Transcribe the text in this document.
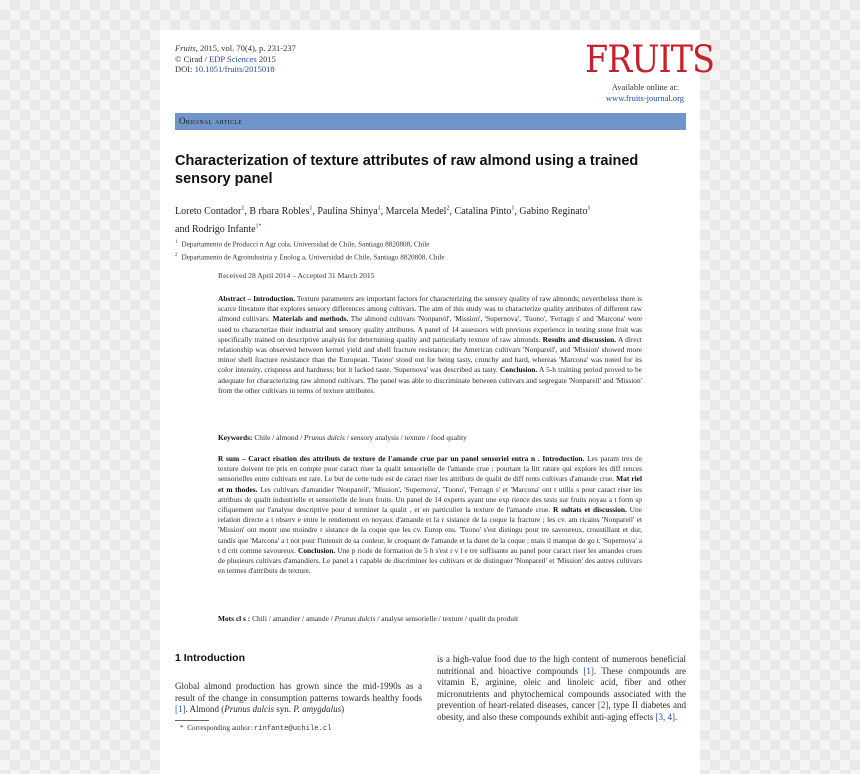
Fruits, 2015, vol. 70(4), p. 231-237
© Cirad / EDP Sciences 2015
DOI: 10.1051/fruits/2015018	FRUITS
Available online at:
www.fruits-journal.org
Original article
Characterization of texture attributes of raw almond using a trained sensory panel
Loreto Contador$^1$, B rbara Robles$^1$, Paulina Shinya$^1$, Marcela Medel$^2$, Catalina Pinto$^1$, Gabino Reginato$^1$
and Rodrigo Infante$^{1*}$
$^1$ Departamento de Producci n Agr cola, Universidad de Chile, Santiago 8820808, Chile
$^2$ Departamento de Agroindustria y Enolog a, Universidad de Chile, Santiago 8820808, Chile
Received 28 April 2014 – Accepted 31 March 2015
Abstract – Introduction. Texture parameters are important factors for characterizing the sensory quality of raw almonds; nevertheless there is scarce literature that explores sensory differences among cultivars. The aim of this study was to characterize quality attributes of different raw almond cultivars. Materials and methods. The almond cultivars 'Nonpareil', 'Mission', 'Supernova', 'Tuono', 'Ferragn s' and 'Marcona' were used to characterize their industrial and sensory quality attributes. A panel of 14 assessors with previous experience in testing stone fruit was specifically trained on descriptive analysis for determining quality and particularly texture of raw almonds. Results and discussion. A direct relationship was observed between kernel yield and shell fracture resistance; the American cultivars 'Nonpareil', and 'Mission' showed more minor shell fracture resistance than the European. 'Tuono' stood out for being tasty, crunchy and hard, whereas 'Marcona' was noted for its color intensity, crispness and hardness; but it lacked taste. 'Supernova' was described as tasty. Conclusion. A 5-h training period proved to be adequate for characterizing raw almond cultivars. The panel was able to discriminate between cultivars and segregate 'Nonpareil' and 'Mission' from the other cultivars in terms of texture attributes.
Keywords: Chile / almond / Prunus dulcis / sensory analysis / texture / food quality
R sum – Caract risation des attributs de texture de l'amande crue par un panel sensoriel entra n . Introduction. Les param tres de texture doivent tre pris en compte pour caract riser la qualit sensorielle de l'amande crue ; pourtant la litt rature qui explore les diff rences sensorielles entre cultivars est rare. Le but de cette tude est de caract riser les attributs de qualit de diff rents cultivars d'amande crue. Mat riel et m thodes. Les cultivars d'amandier 'Nonpareil', 'Mission', 'Supernova', 'Tuono', 'Ferragn s' et 'Marcona' ont t utilis s pour caract riser les attributs de qualit industrielle et sensorielle de leurs fruits. Un panel de 14 experts ayant une exp rience des tests sur fruits noyau a t form sp cifiquement sur l'analyse descriptive pour d terminer la qualit , et en particulier la texture de l'amande crue. R sultats et discussion. Une relation directe a t observ e entre le rendement en noyaux d'amande et la r sistance de la coque la fracture ; les cv. am ricains 'Nonpareil' et 'Mission' ont montr une moindre r sistance de la coque que les cv. Europ ens. 'Tuono' s'est distingu pour tre savoureux, croustillant et dur, tandis que 'Marcona' a t not pour l'intensit de sa couleur, le croquant de l'amande et la duret de la coque ; mais il manque de go t. 'Supernova' a t d crit comme savoureux. Conclusion. Une p riode de formation de 5 h s'est r v l e tre suffisante au panel pour caract riser les amandes crues de plusieurs cultivars d'amandiers. Le panel a t capable de discriminer les cultivars et de distinguer 'Nonpareil' et 'Mission' des autres cultivars en termes d'attributs de texture.
Mots cl s : Chili / amandier / amande / Prunus dulcis / analyse sensorielle / texture / qualit du produit
1 Introduction
Global almond production has grown since the mid-1990s as a result of the change in consumption patterns towards healthy foods [1]. Almond (Prunus dulcis syn. P. amygdalus)
is a high-value food due to the high content of numerous beneficial nutritional and bioactive compounds [1]. These compounds are vitamin E, arginine, oleic and linoleic acid, fiber and other micronutrients and phytochemical compounds associated with the prevention of heart-related diseases, cancer [2], type II diabetes and obesity, and also these compounds exhibit anti-aging effects [3, 4].
* Corresponding author: rinfante@uchile.cl
